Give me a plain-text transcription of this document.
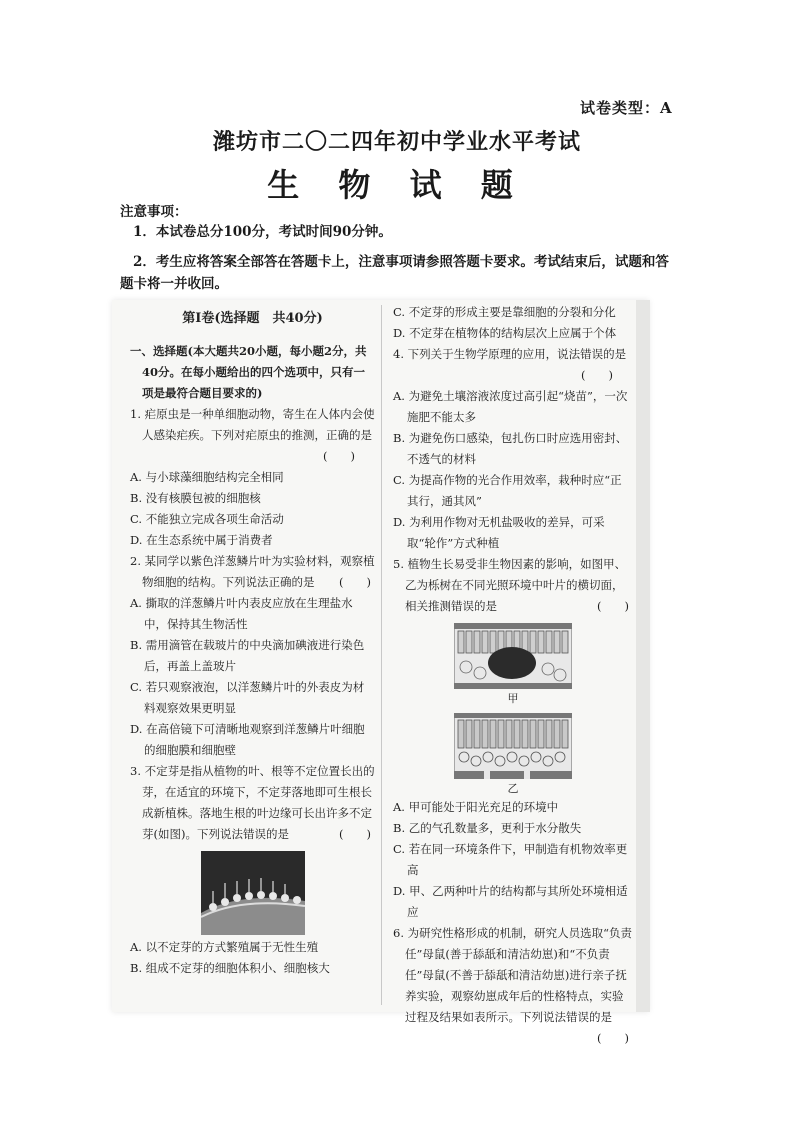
试卷类型：A
潍坊市二〇二四年初中学业水平考试
生 物 试 题
注意事项：
1．本试卷总分100分，考试时间90分钟。
2．考生应将答案全部答在答题卡上，注意事项请参照答题卡要求。考试结束后，试题和答题卡将一并收回。
第Ⅰ卷(选择题　共40分)
一、选择题(本大题共20小题，每小题2分，共40分。在每小题给出的四个选项中，只有一项是最符合题目要求的)
1. 疟原虫是一种单细胞动物，寄生在人体内会使人感染疟疾。下列对疟原虫的推测，正确的是
(　　)
A. 与小球藻细胞结构完全相同
B. 没有核膜包被的细胞核
C. 不能独立完成各项生命活动
D. 在生态系统中属于消费者
2. 某同学以紫色洋葱鳞片叶为实验材料，观察植物细胞的结构。下列说法正确的是 (　　)
A. 撕取的洋葱鳞片叶内表皮应放在生理盐水中，保持其生物活性
B. 需用滴管在载玻片的中央滴加碘液进行染色后，再盖上盖玻片
C. 若只观察液泡，以洋葱鳞片叶的外表皮为材料观察效果更明显
D. 在高倍镜下可清晰地观察到洋葱鳞片叶细胞的细胞膜和细胞壁
3. 不定芽是指从植物的叶、根等不定位置长出的芽，在适宜的环境下，不定芽落地即可生根长成新植株。落地生根的叶边缘可长出许多不定芽(如图)。下列说法错误的是	(　　)
A. 以不定芽的方式繁殖属于无性生殖
B. 组成不定芽的细胞体积小、细胞核大
C. 不定芽的形成主要是靠细胞的分裂和分化
D. 不定芽在植物体的结构层次上应属于个体
4. 下列关于生物学原理的应用，说法错误的是
(　　)
A. 为避免土壤溶液浓度过高引起“烧苗”，一次施肥不能太多
B. 为避免伤口感染，包扎伤口时应选用密封、不透气的材料
C. 为提高作物的光合作用效率，栽种时应“正其行，通其风”
D. 为利用作物对无机盐吸收的差异，可采取“轮作”方式种植
5. 植物生长易受非生物因素的影响，如图甲、乙为栎树在不同光照环境中叶片的横切面，相关推测错误的是	(　　)
甲
乙
A. 甲可能处于阳光充足的环境中
B. 乙的气孔数量多，更利于水分散失
C. 若在同一环境条件下，甲制造有机物效率更高
D. 甲、乙两种叶片的结构都与其所处环境相适应
6. 为研究性格形成的机制，研究人员选取“负责任”母鼠(善于舔舐和清洁幼崽)和“不负责任”母鼠(不善于舔舐和清洁幼崽)进行亲子抚养实验，观察幼崽成年后的性格特点，实验过程及结果如表所示。下列说法错误的是
(　　)
